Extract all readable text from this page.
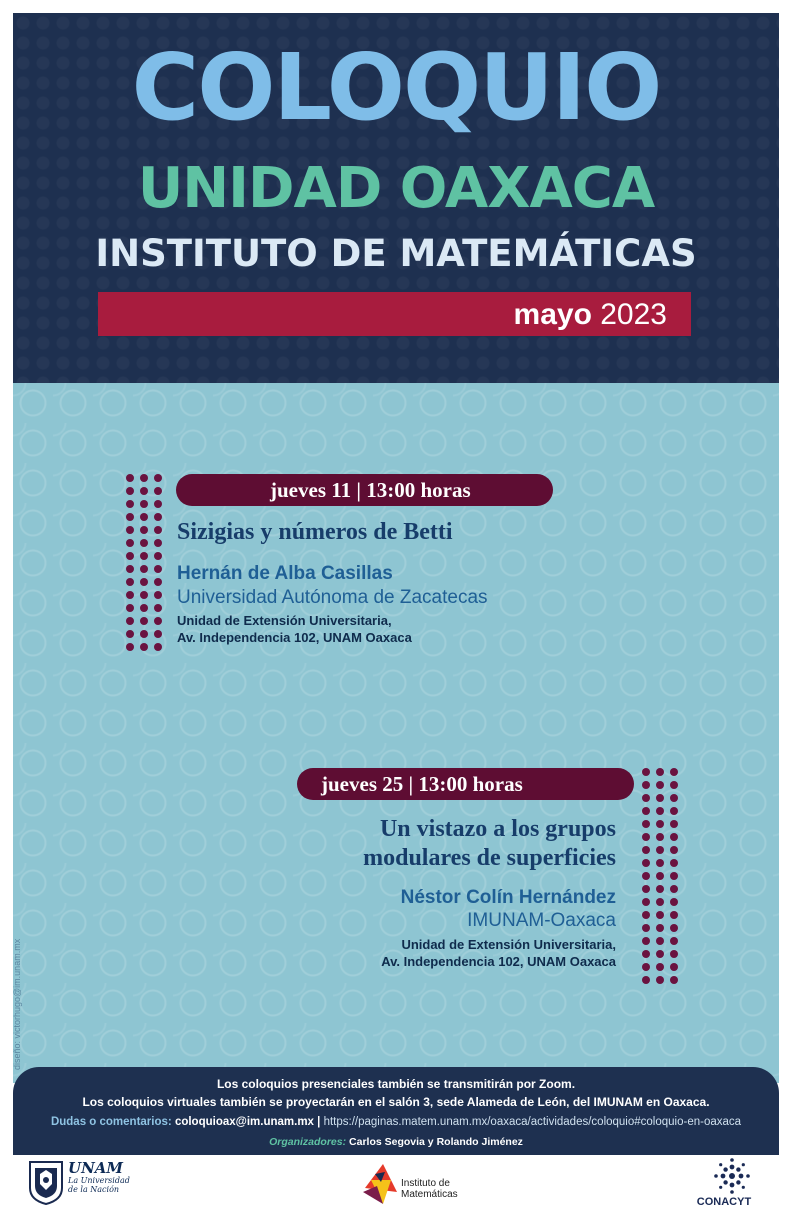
COLOQUIO
UNIDAD OAXACA
INSTITUTO DE MATEMÁTICAS
mayo 2023
jueves 11 | 13:00 horas
Sizigias y números de Betti
Hernán de Alba Casillas
Universidad Autónoma de Zacatecas
Unidad de Extensión Universitaria,
Av. Independencia 102, UNAM Oaxaca
jueves 25 | 13:00 horas
Un vistazo a los grupos
modulares de superficies
Néstor Colín Hernández
IMUNAM-Oaxaca
Unidad de Extensión Universitaria,
Av. Independencia 102, UNAM Oaxaca
diseño: victorhugo@im.unam.mx
Los coloquios presenciales también se transmitirán por Zoom.
Los coloquios virtuales también se proyectarán en el salón 3, sede Alameda de León, del IMUNAM en Oaxaca.
Dudas o comentarios: coloquioax@im.unam.mx | https://paginas.matem.unam.mx/oaxaca/actividades/coloquio#coloquio-en-oaxaca
Organizadores: Carlos Segovia y Rolando Jiménez
UNAM
La Universidad
de la Nación
Instituto de
Matemáticas
CONACYT
